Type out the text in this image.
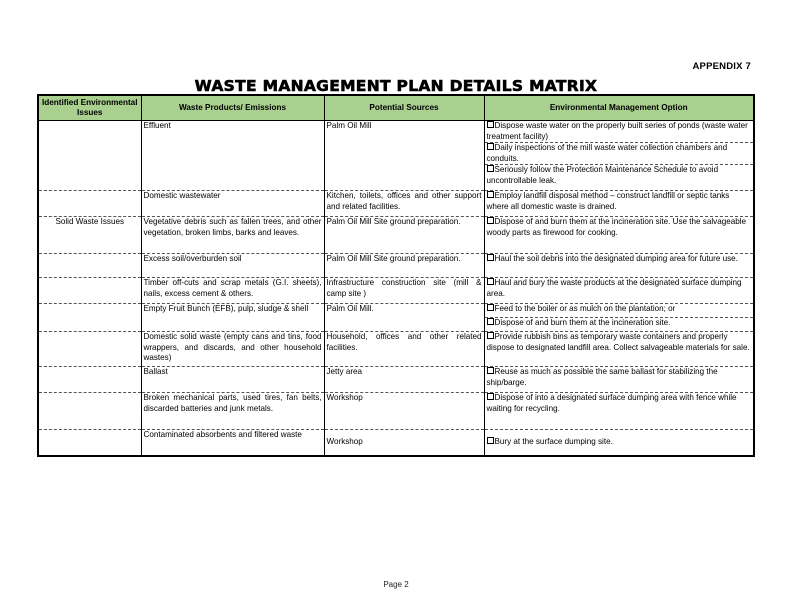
APPENDIX 7
WASTE MANAGEMENT PLAN DETAILS MATRIX
Identified Environmental Issues	Waste Products/ Emissions	Potential Sources	Environmental Management Option
	Effluent	Palm Oil Mill	Dispose waste water on the properly built series of ponds (waste water treatment facility)
Daily inspections of the mill waste water collection chambers and conduits.
Seriously follow the Protection Maintenance Schedule to avoid uncontrollable leak.

	Domestic wastewater	Kitchen, toilets, offices and other support and related facilities.	Employ landfill disposal method – construct landfill or septic tanks where all domestic waste is drained.

Solid Waste Issues	Vegetative debris such as fallen trees, and other vegetation, broken limbs, barks and leaves.	Palm Oil Mill Site ground preparation.	Dispose of and burn them at the incineration site. Use the salvageable woody parts as firewood for cooking.

	Excess soil/overburden soil	Palm Oil Mill Site ground preparation.	Haul the soil debris into the designated dumping area for future use.

	Timber off-cuts and scrap metals (G.I. sheets), nails, excess cement & others.	Infrastructure construction site (mill & camp site )	Haul and bury the waste products at the designated surface dumping area.

	Empty Fruit Bunch (EFB), pulp, sludge & shell	Palm Oil Mill.	Feed to the boiler or as mulch on the plantation; or
Dispose of and burn them at the incineration site.

	Domestic solid waste (empty cans and tins, food wrappers, and discards, and other household wastes)	Household, offices and other related facilities.	Provide rubbish bins as temporary waste containers and properly dispose to designated landfill area. Collect salvageable materials for sale.

	Ballast	Jetty area	Reuse as much as possible the same ballast for stabilizing the ship/barge.

	Broken mechanical parts, used tires, fan belts, discarded batteries and junk metals.	Workshop	Dispose of into a designated surface dumping area with fence while waiting for recycling.

	Contaminated absorbents and filtered waste	Workshop	Bury at the surface dumping site.
Page 2
